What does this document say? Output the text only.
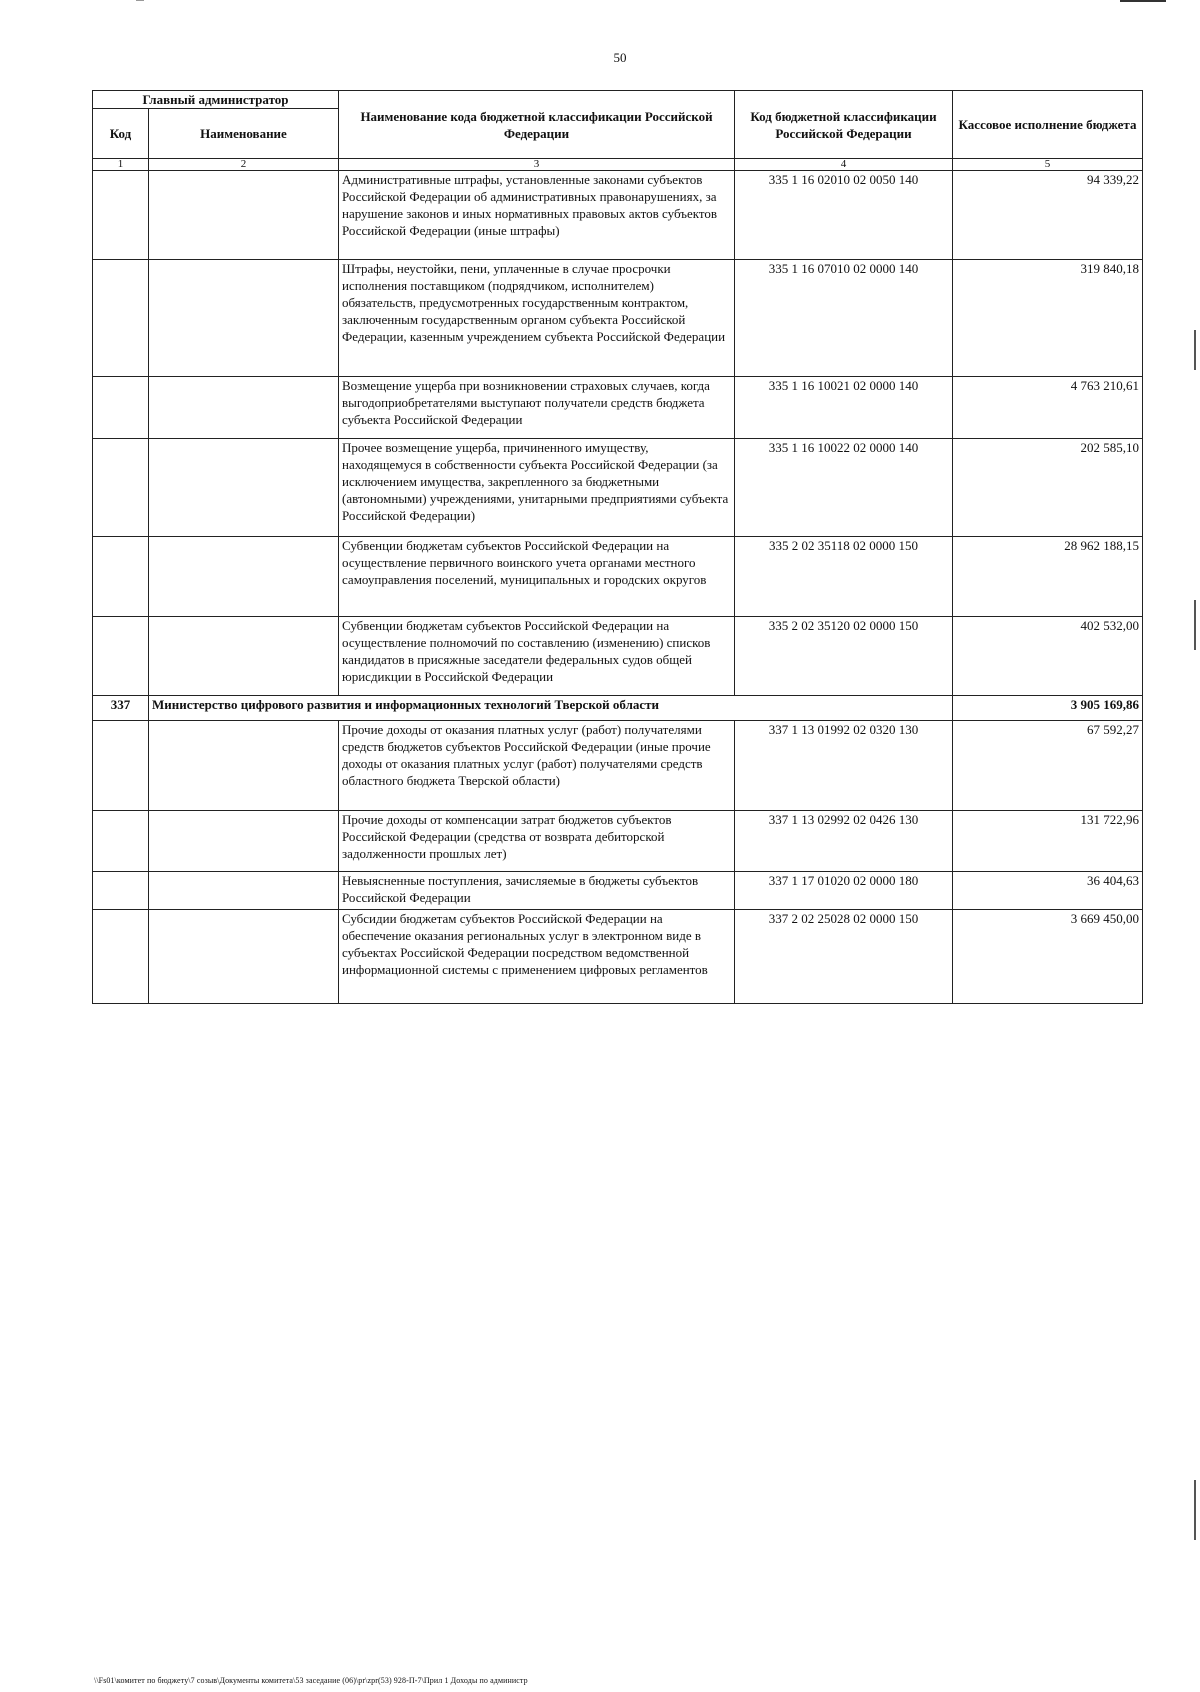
50
Главный администратор		Наименование кода бюджетной классификации Российской Федерации	Код бюджетной классификации Российской Федерации	Кассовое исполнение бюджета
Код	Наименование			
1	2	3	4	5
		Административные штрафы, установленные законами субъектов Российской Федерации об административных правонарушениях, за нарушение законов и иных нормативных правовых актов субъектов Российской Федерации (иные штрафы)	335 1 16 02010 02 0050 140	94 339,22
		Штрафы, неустойки, пени, уплаченные в случае просрочки исполнения поставщиком (подрядчиком, исполнителем) обязательств, предусмотренных государственным контрактом, заключенным государственным органом субъекта Российской Федерации, казенным учреждением субъекта Российской Федерации	335 1 16 07010 02 0000 140	319 840,18
		Возмещение ущерба при возникновении страховых случаев, когда выгодоприобретателями выступают получатели средств бюджета субъекта Российской Федерации	335 1 16 10021 02 0000 140	4 763 210,61
		Прочее возмещение ущерба, причиненного имуществу, находящемуся в собственности субъекта Российской Федерации (за исключением имущества, закрепленного за бюджетными (автономными) учреждениями, унитарными предприятиями субъекта Российской Федерации)	335 1 16 10022 02 0000 140	202 585,10
		Субвенции бюджетам субъектов Российской Федерации на осуществление первичного воинского учета органами местного самоуправления поселений, муниципальных и городских округов	335 2 02 35118 02 0000 150	28 962 188,15
		Субвенции бюджетам субъектов Российской Федерации на осуществление полномочий по составлению (изменению) списков кандидатов в присяжные заседатели федеральных судов общей юрисдикции в Российской Федерации	335 2 02 35120 02 0000 150	402 532,00
337	Министерство цифрового развития и информационных технологий Тверской области			3 905 169,86
		Прочие доходы от оказания платных услуг (работ) получателями средств бюджетов субъектов Российской Федерации (иные прочие доходы от оказания платных услуг (работ) получателями средств областного бюджета Тверской области)	337 1 13 01992 02 0320 130	67 592,27
		Прочие доходы от компенсации затрат бюджетов субъектов Российской Федерации (средства от возврата дебиторской задолженности прошлых лет)	337 1 13 02992 02 0426 130	131 722,96
		Невыясненные поступления, зачисляемые в бюджеты субъектов Российской Федерации	337 1 17 01020 02 0000 180	36 404,63
		Субсидии бюджетам субъектов Российской Федерации на обеспечение оказания региональных услуг в электронном виде в субъектах Российской Федерации посредством ведомственной информационной системы с применением цифровых регламентов	337 2 02 25028 02 0000 150	3 669 450,00
\\Fs01\комитет по бюджету\7 созыв\Документы комитета\53 заседание (06)\pr\zpr(53) 928-П-7\Прил 1 Доходы по администр
